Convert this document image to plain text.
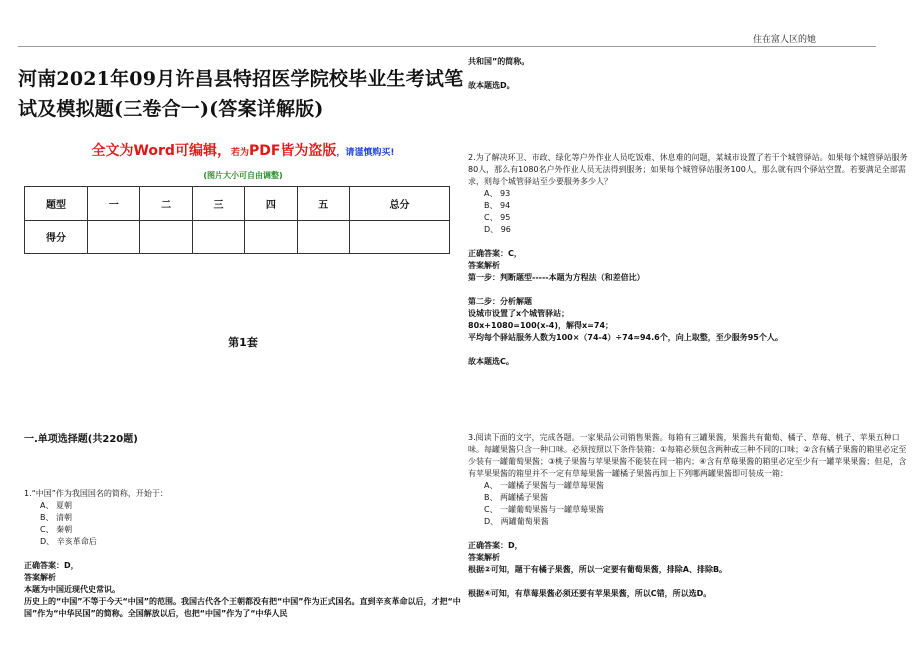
住在富人区的她
河南2021年09月许昌县特招医学院校毕业生考试笔试及模拟题(三卷合一)(答案详解版)
全文为Word可编辑，若为PDF皆为盗版，请谨慎购买!
(图片大小可自由调整)
题型	一	二	三	四	五	总分
得分						
第1套
一.单项选择题(共220题)
1.“中国”作为我国国名的简称，开始于：
A、 夏朝
B、 清朝
C、 秦朝
D、 辛亥革命后
正确答案：D，
答案解析
本题为中国近现代史常识。
历史上的“中国”不等于今天“中国”的范围。我国古代各个王朝都没有把“中国”作为正式国名。直到辛亥革命以后，才把“中国”作为“中华民国”的简称。全国解放以后，也把“中国”作为了“中华人民
共和国”的简称。
故本题选D。
2.为了解决环卫、市政、绿化等户外作业人员吃饭难、休息难的问题，某城市设置了若干个城管驿站。如果每个城管驿站服务80人，那么有1080名户外作业人员无法得到服务；如果每个城管驿站服务100人，那么就有四个驿站空置。若要满足全部需求，则每个城管驿站至少要服务多少人？
A、 93
B、 94
C、 95
D、 96
正确答案：C，
答案解析
第一步：判断题型-----本题为方程法（和差倍比）
第二步：分析解题
设城市设置了x个城管驿站；
80x+1080=100(x-4)，解得x=74；
平均每个驿站服务人数为100×（74-4）÷74≈94.6个，向上取整，至少服务95个人。
故本题选C。
3.阅读下面的文字，完成各题。一家果品公司销售果酱。每箱有三罐果酱，果酱共有葡萄、橘子、草莓、桃子、苹果五种口味。每罐果酱只含一种口味。必须按照以下条件装箱：①每箱必须包含两种或三种不同的口味；②含有橘子果酱的箱里必定至少装有一罐葡萄果酱；③桃子果酱与苹果果酱不能装在同一箱内；④含有草莓果酱的箱里必定至少有一罐苹果果酱；但是，含有苹果果酱的箱里并不一定有草莓果酱一罐橘子果酱再加上下列哪两罐果酱即可装成一箱：
A、 一罐橘子果酱与一罐草莓果酱
B、 两罐橘子果酱
C、 一罐葡萄果酱与一罐草莓果酱
D、 两罐葡萄果酱
正确答案：D，
答案解析
根据②可知，题干有橘子果酱，所以一定要有葡萄果酱，排除A、排除B。
根据④可知，有草莓果酱必须还要有苹果果酱，所以C错，所以选D。
